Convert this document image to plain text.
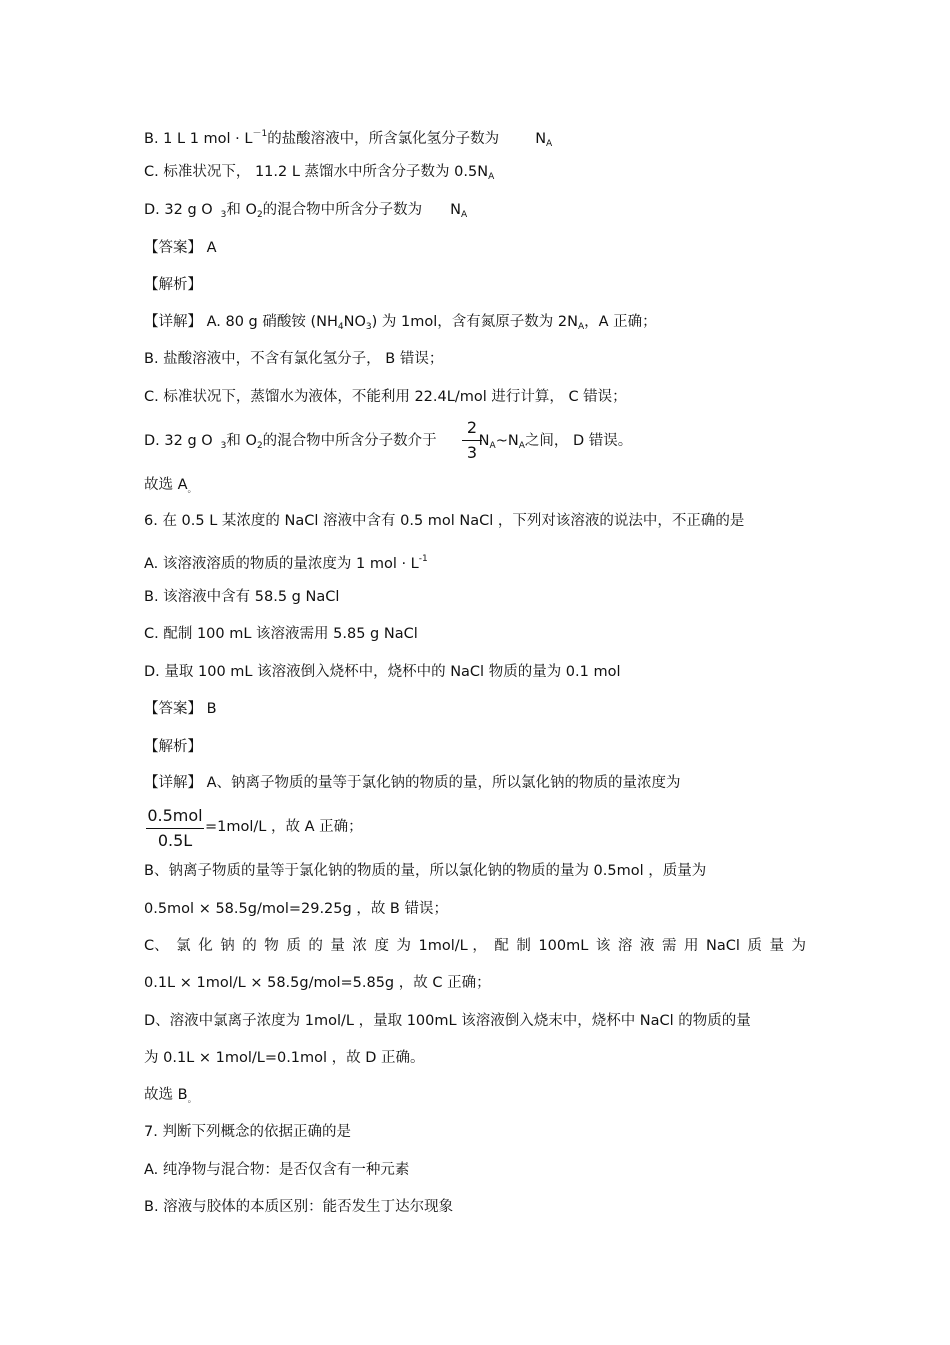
B. 1 L 1 mol · $L^{-1}$的盐酸溶液中，所含氯化氢分子数为 $N_A$
C. 标准状况下， 11.2 L 蒸馏水中所含分子数为 $0.5N_A$
D. 32 g O $_3$和 $O_2$的混合物中所含分子数为 $N_A$
【答案】 A
【解析】
【详解】 A. 80 g 硝酸铵 $(NH_4NO_3)$ 为 1mol，含有氮原子数为 $2N_A$，A 正确；
B. 盐酸溶液中，不含有氯化氢分子， B 错误；
C. 标准状况下，蒸馏水为液体，不能利用 22.4L/mol 进行计算， C 错误；
D. 32 g O $_3$和 $O_2$的混合物中所含分子数介于	$N_A\sim N_A$之间， D 错误。
2
3
故选 $A_。$
6. 在 0.5 L 某浓度的 NaCl 溶液中含有 0.5 mol NaCl ，下列对该溶液的说法中，不正确的是
A. 该溶液溶质的物质的量浓度为 1 mol · $L^{-1}$
B. 该溶液中含有 58.5 g NaCl
C. 配制 100 mL 该溶液需用 5.85 g NaCl
D. 量取 100 mL 该溶液倒入烧杯中，烧杯中的 NaCl 物质的量为 0.1 mol
【答案】 B
【解析】
【详解】 A、钠离子物质的量等于氯化钠的物质的量，所以氯化钠的物质的量浓度为
0.5mol
0.5L
=1mol/L ，故 A 正确；
B、钠离子物质的量等于氯化钠的物质的量，所以氯化钠的物质的量为 0.5mol ，质量为
0.5mol × 58.5g/mol=29.25g ，故 B 错误；
C、 氯 化 钠 的 物 质 的 量 浓 度 为 1mol/L ， 配 制 100mL 该 溶 液 需 用 NaCl 质 量 为
0.1L × 1mol/L × 58.5g/mol=5.85g ，故 C 正确；
D、溶液中氯离子浓度为 1mol/L ，量取 100mL 该溶液倒入烧末中，烧杯中 NaCl 的物质的量
为 0.1L × 1mol/L=0.1mol ，故 D 正确。
故选 $B_。$
7. 判断下列概念的依据正确的是
A. 纯净物与混合物：是否仅含有一种元素
B. 溶液与胶体的本质区别：能否发生丁达尔现象
